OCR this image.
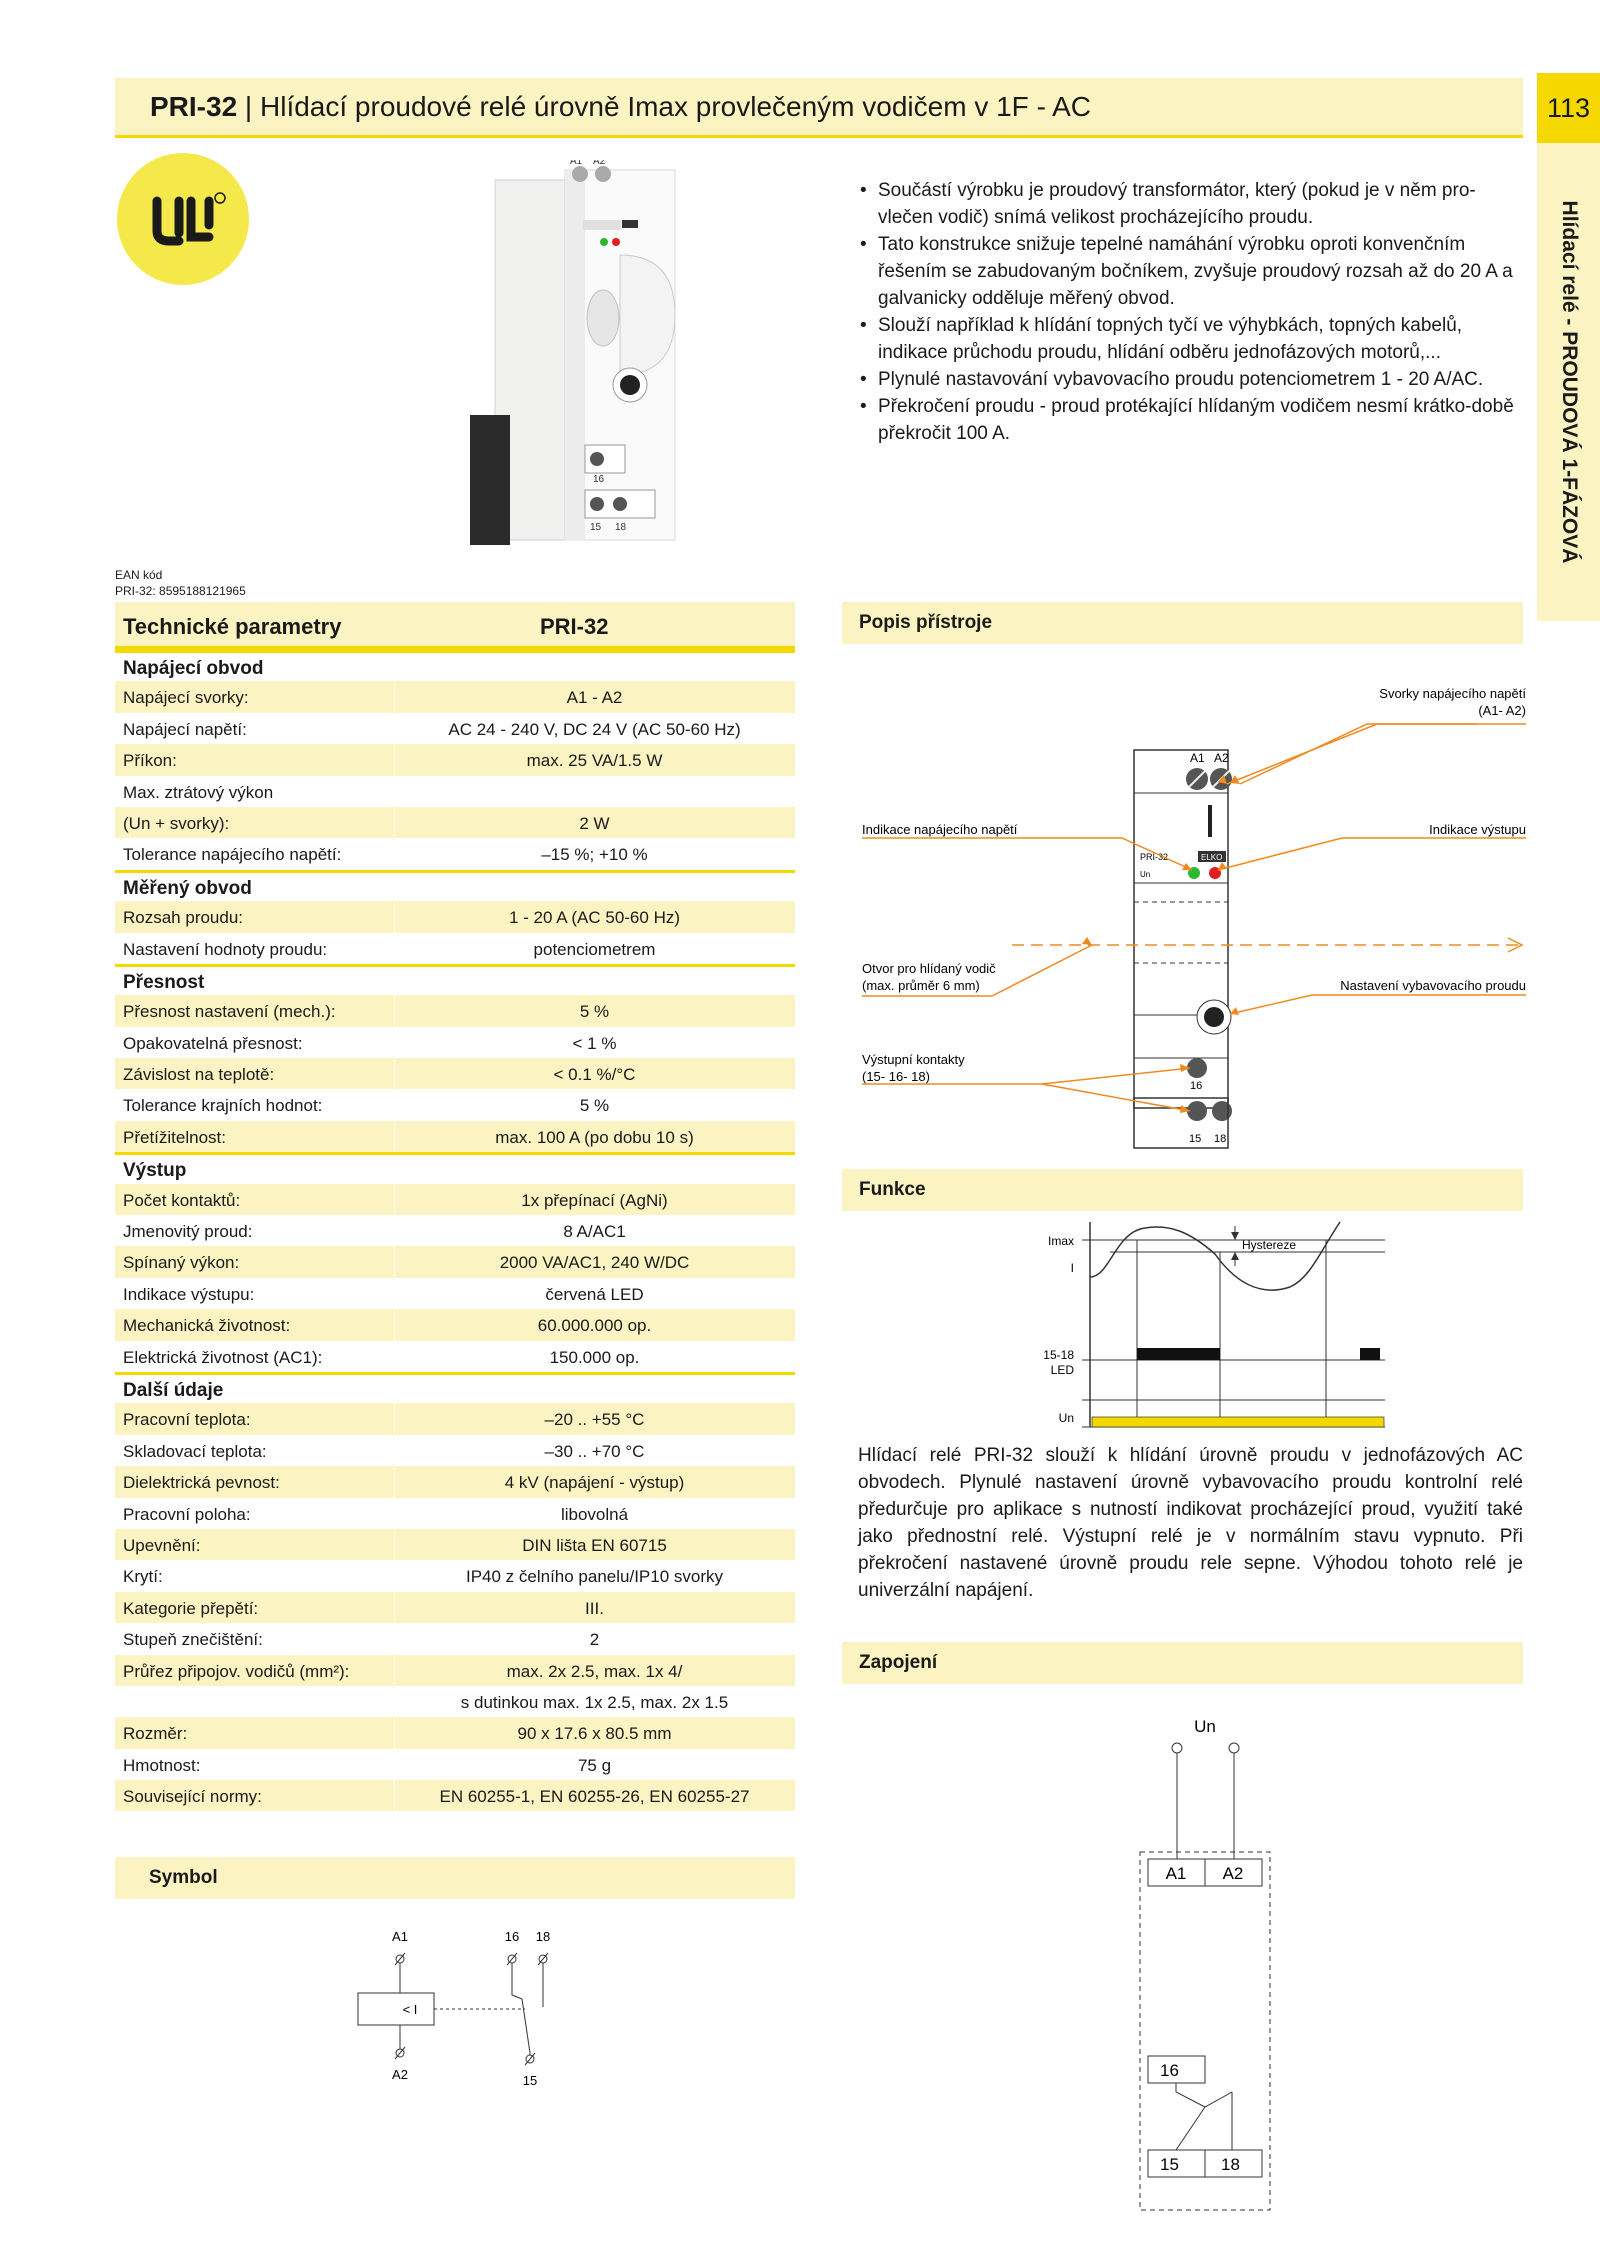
PRI-32 | Hlídací proudové relé úrovně Imax provlečeným vodičem v 1F - AC	113
Hlídací relé - PROUDOVÁ 1-FÁZOVÁ
16
15 18
A1 A2
EAN kód
PRI-32: 8595188121965
• Součástí výrobku je proudový transformátor, který (pokud je v něm pro-vlečen vodič) snímá velikost procházejícího proudu.
• Tato konstrukce snižuje tepelné namáhání výrobku oproti konvenčním řešením se zabudovaným bočníkem, zvyšuje proudový rozsah až do 20 A a galvanicky odděluje měřený obvod.
• Slouží například k hlídání topných tyčí ve výhybkách, topných kabelů, indikace průchodu proudu, hlídání odběru jednofázových motorů,...
• Plynulé nastavování vybavovacího proudu potenciometrem 1 - 20 A/AC.
• Překročení proudu - proud protékající hlídaným vodičem nesmí krátko-době překročit 100 A.
Technické parametry	PRI-32
Napájecí obvod
Napájecí svorky:	A1 - A2
Napájecí napětí:	AC 24 - 240 V, DC 24 V (AC 50-60 Hz)
Příkon:	max. 25 VA/1.5 W
Max. ztrátový výkon
(Un + svorky):	2 W
Tolerance napájecího napětí:	–15 %; +10 %
Měřený obvod
Rozsah proudu:	1 - 20 A (AC 50-60 Hz)
Nastavení hodnoty proudu:	potenciometrem
Přesnost
Přesnost nastavení (mech.):	5 %
Opakovatelná přesnost:	< 1 %
Závislost na teplotě:	< 0.1 %/°C
Tolerance krajních hodnot:	5 %
Přetížitelnost:	max. 100 A (po dobu 10 s)
Výstup
Počet kontaktů:	1x přepínací (AgNi)
Jmenovitý proud:	8 A/AC1
Spínaný výkon:	2000 VA/AC1, 240 W/DC
Indikace výstupu:	červená LED
Mechanická životnost:	60.000.000 op.
Elektrická životnost (AC1):	150.000 op.
Další údaje
Pracovní teplota:	–20 .. +55 °C
Skladovací teplota:	–30 .. +70 °C
Dielektrická pevnost:	4 kV (napájení - výstup)
Pracovní poloha:	libovolná
Upevnění:	DIN lišta EN 60715
Krytí:	IP40 z čelního panelu/IP10 svorky
Kategorie přepětí:	III.
Stupeň znečištění:	2
Průřez připojov. vodičů (mm²):	max. 2x 2.5, max. 1x 4/
s dutinkou max. 1x 2.5, max. 2x 1.5
Rozměr:	90 x 17.6 x 80.5 mm
Hmotnost:	75 g
Související normy:	EN 60255-1, EN 60255-26, EN 60255-27
Popis přístroje
A1 A2
PRI-32	ELKO
Un
16
15 18
Svorky napájecího napětí
(A1- A2)
Indikace napájecího napětí	Indikace výstupu
Otvor pro hlídaný vodič
(max. průměr 6 mm)	Nastavení vybavovacího proudu
Výstupní kontakty
(15- 16- 18)
Funkce
Imax
I
15-18
LED
Un
Hystereze
Hlídací relé PRI-32 slouží k hlídání úrovně proudu v jednofázových AC obvodech. Plynulé nastavení úrovně vybavovacího proudu kontrolní relé předurčuje pro aplikace s nutností indikovat procházející proud, využití také jako přednostní relé. Výstupní relé je v normálním stavu vypnuto. Při překročení nastavené úrovně proudu rele sepne. Výhodou tohoto relé je univerzální napájení.
Zapojení
Un
A1 A2
16
15 18
Symbol
A1	16 18
< I
A2	15
